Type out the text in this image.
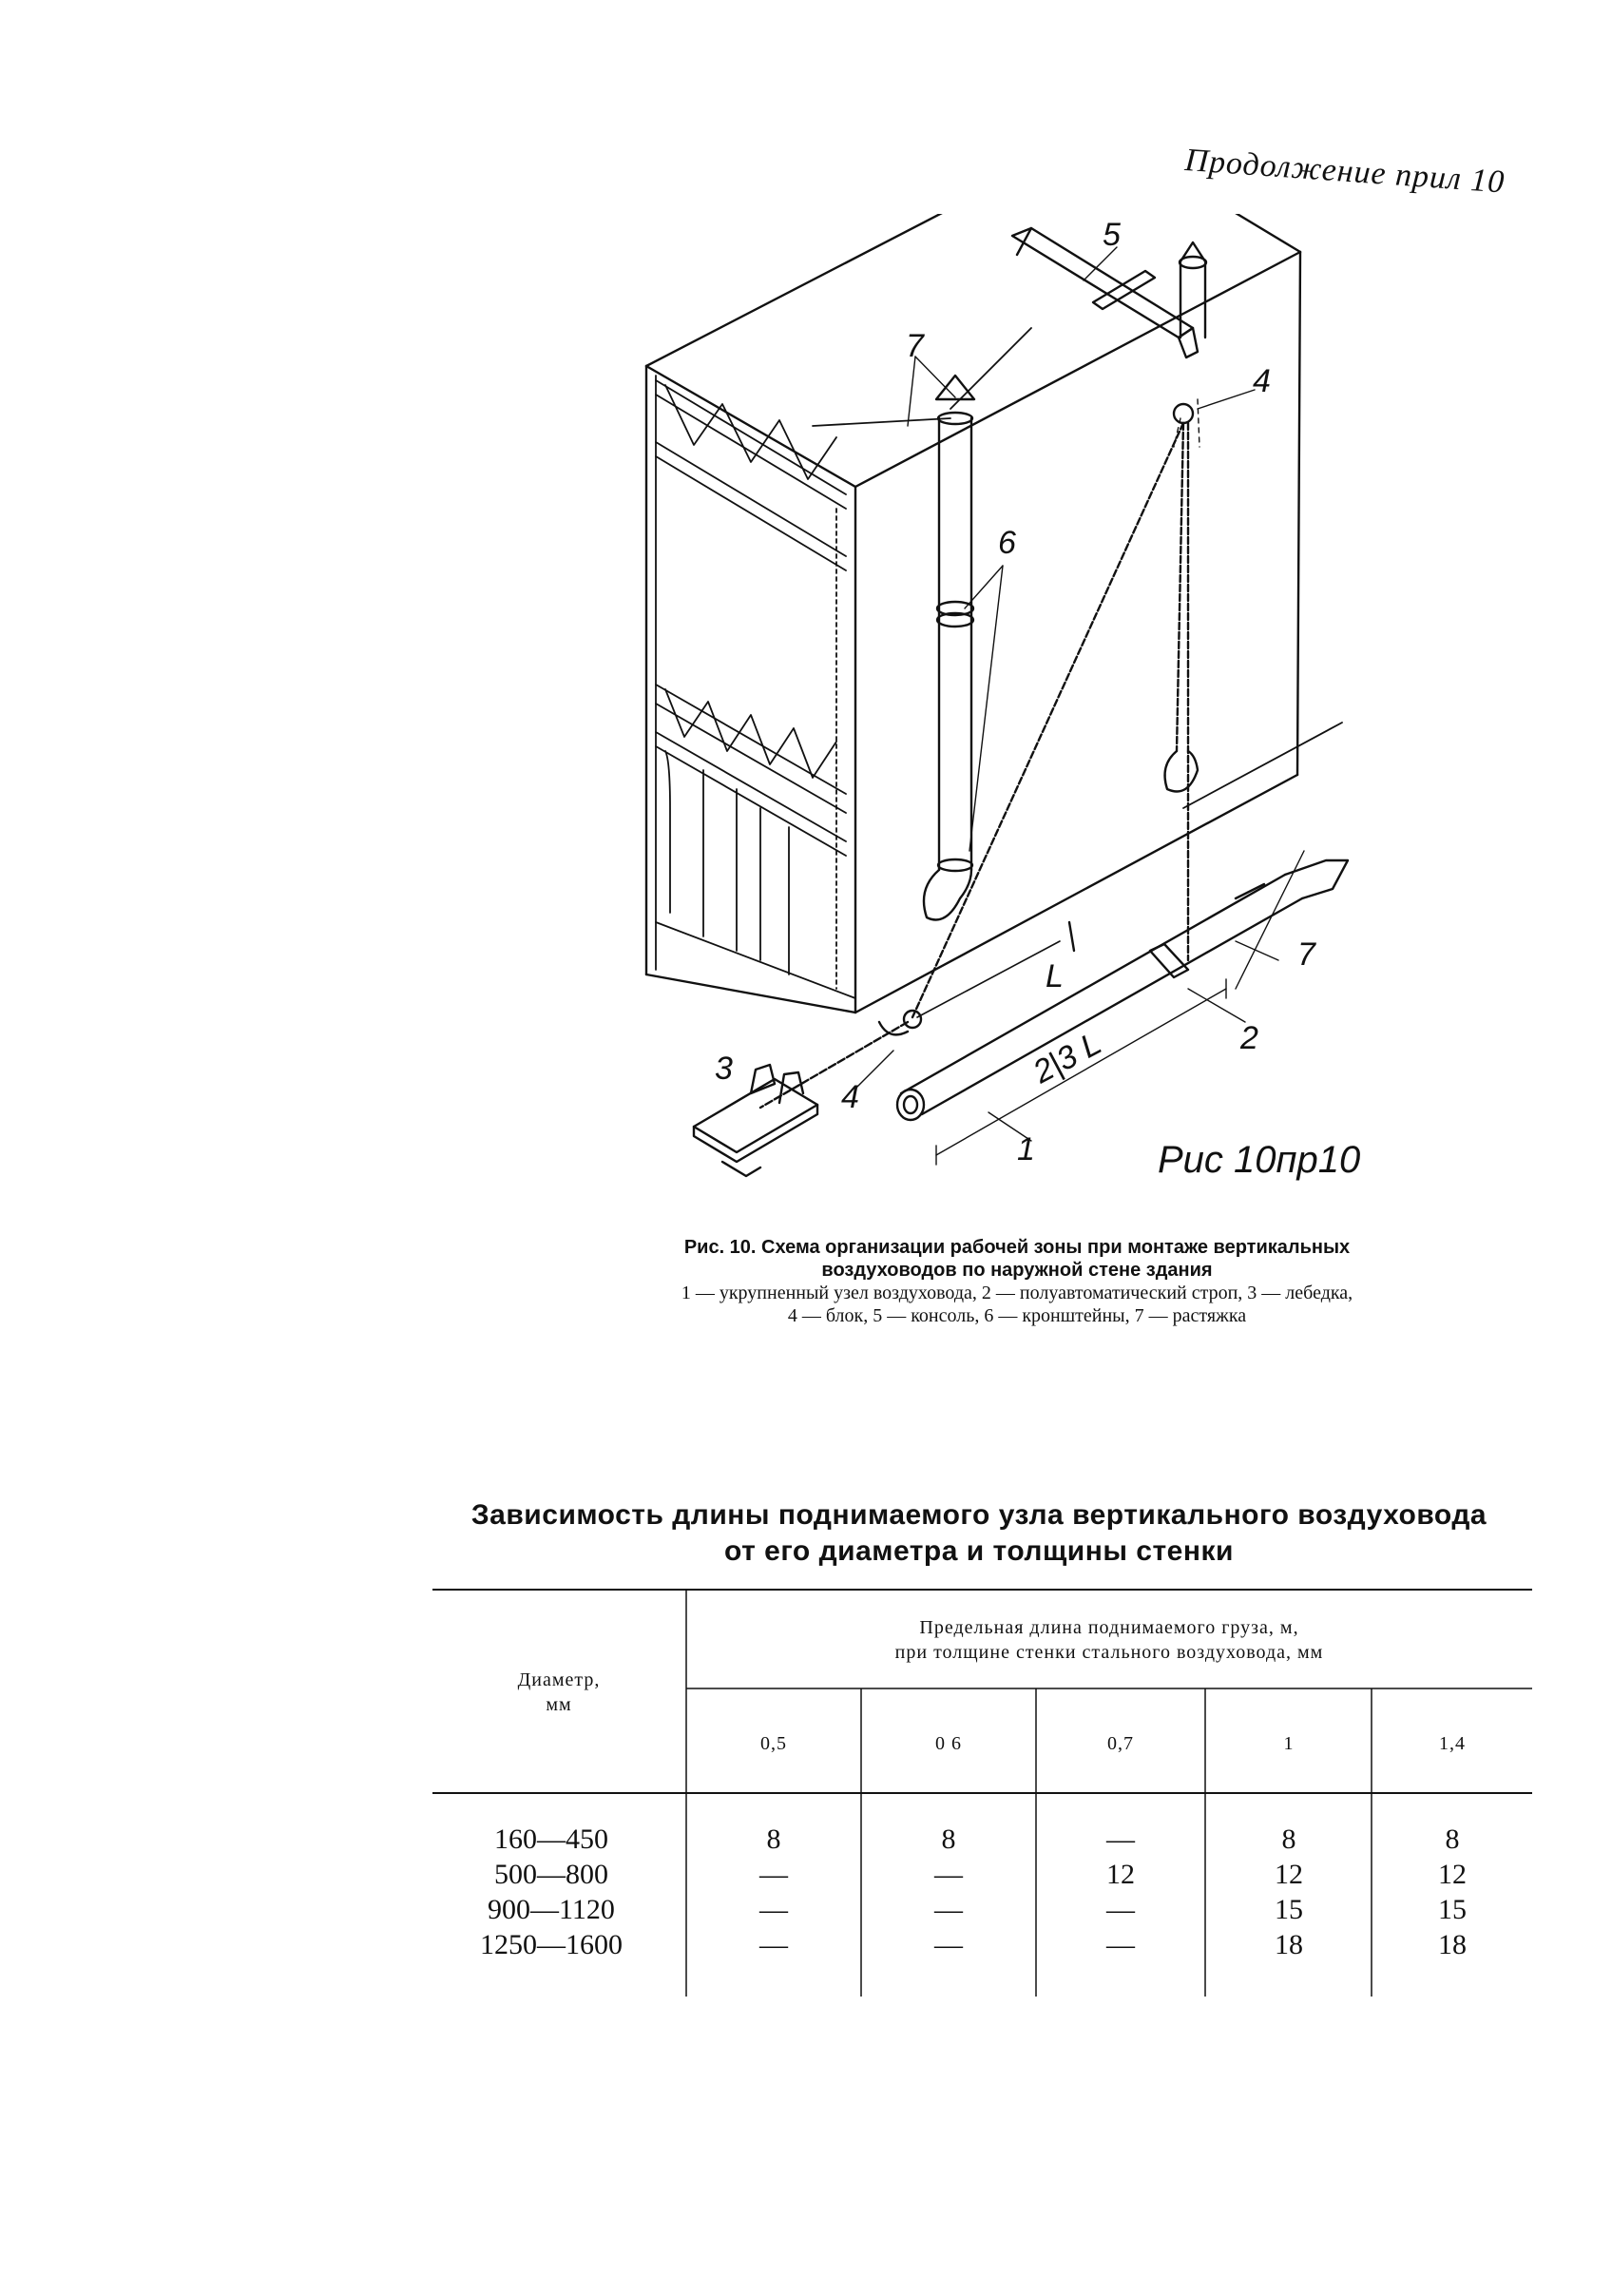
Продолжение прил 10
5
7
4
6
L
2|3 L
7
2
3
4
1	Рис 10пр10
Рис. 10. Схема организации рабочей зоны при монтаже вертикальных
воздуховодов по наружной стене здания
1 — укрупненный узел воздуховода, 2 — полуавтоматический строп, 3 — лебедка,
4 — блок, 5 — консоль, 6 — кронштейны, 7 — растяжка
Зависимость длины поднимаемого узла вертикального воздуховода
от его диаметра и толщины стенки
Диаметр,
мм
Предельная длина поднимаемого груза, м,
при толщине стенки стального воздуховода, мм
0,5	0 6	0,7	1	1,4
160—450	8	8	—	8	8
500—800	—	—	12	12	12
900—1120	—	—	—	15	15
1250—1600	—	—	—	18	18
